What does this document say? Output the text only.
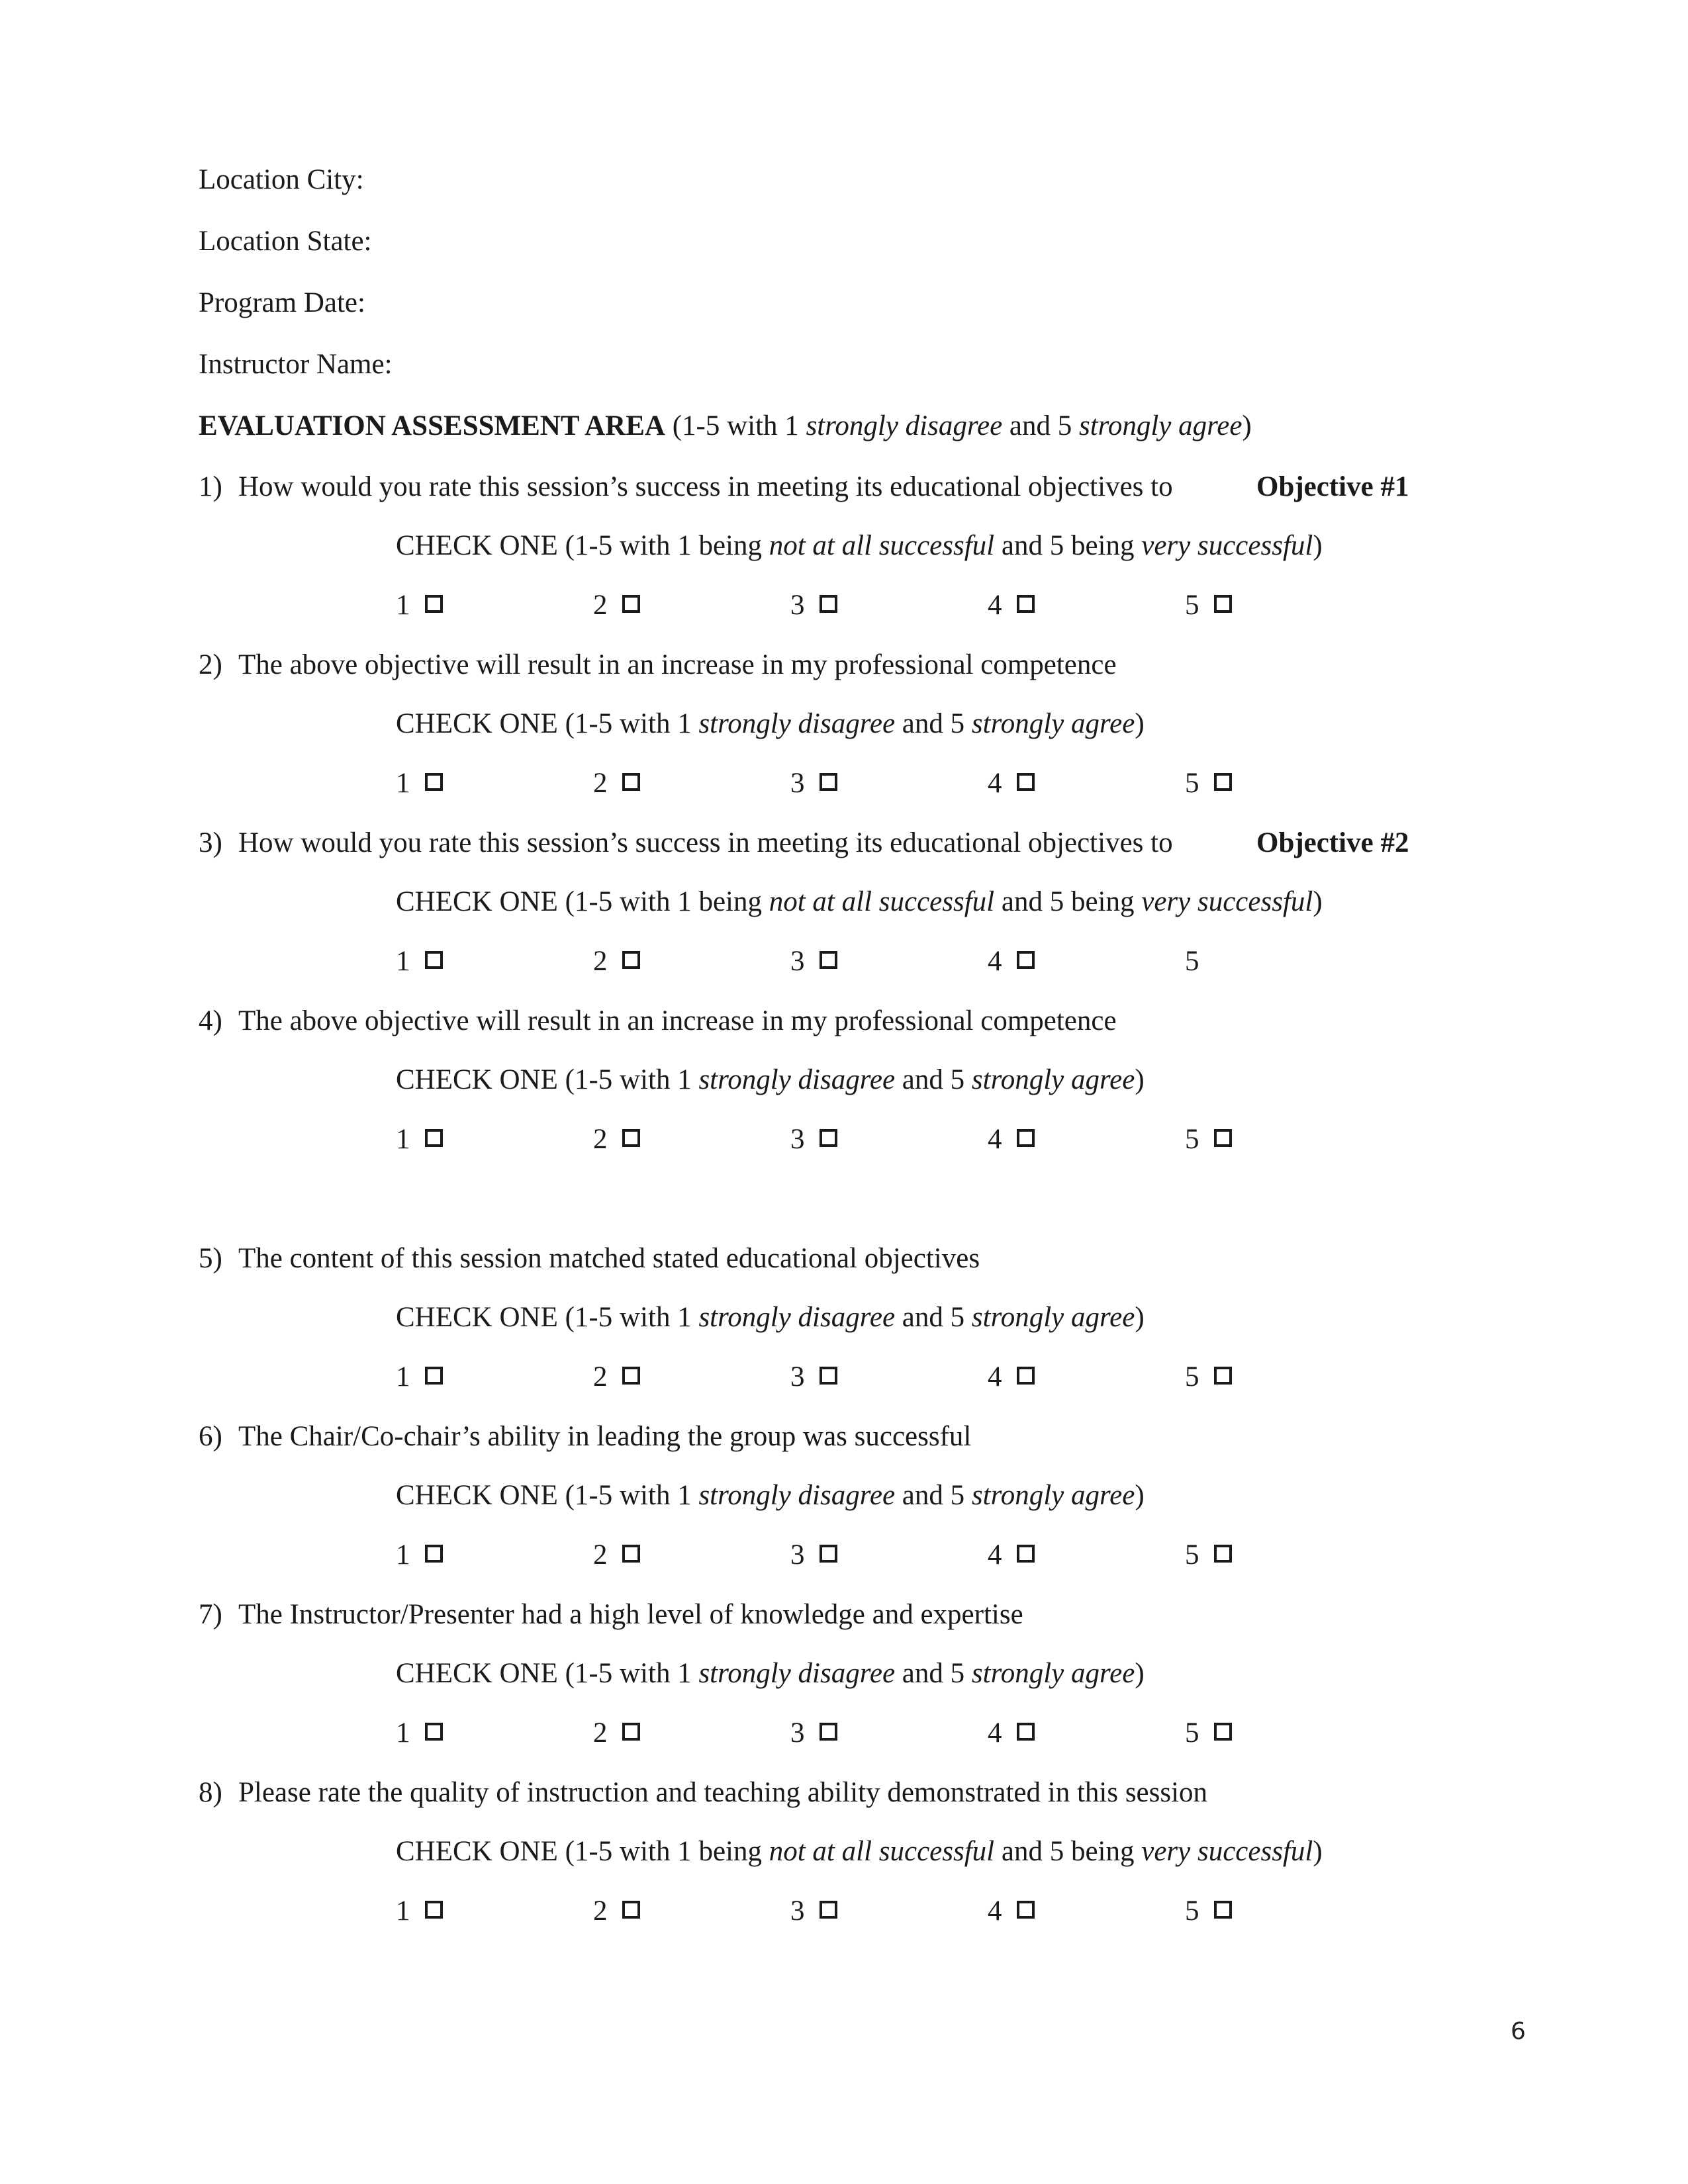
Location City:
Location State:
Program Date:
Instructor Name:
EVALUATION ASSESSMENT AREA (1-5 with 1 strongly disagree and 5 strongly agree)
1) How would you rate this session’s success in meeting its educational objectives to	Objective #1
CHECK ONE (1-5 with 1 being not at all successful and 5 being very successful)
1	2	3	4	5
2) The above objective will result in an increase in my professional competence
CHECK ONE (1-5 with 1 strongly disagree and 5 strongly agree)
1	2	3	4	5
3) How would you rate this session’s success in meeting its educational objectives to	Objective #2
CHECK ONE (1-5 with 1 being not at all successful and 5 being very successful)
1	2	3	4	5
4) The above objective will result in an increase in my professional competence
CHECK ONE (1-5 with 1 strongly disagree and 5 strongly agree)
1	2	3	4	5
5) The content of this session matched stated educational objectives
CHECK ONE (1-5 with 1 strongly disagree and 5 strongly agree)
1	2	3	4	5
6) The Chair/Co-chair’s ability in leading the group was successful
CHECK ONE (1-5 with 1 strongly disagree and 5 strongly agree)
1	2	3	4	5
7) The Instructor/Presenter had a high level of knowledge and expertise
CHECK ONE (1-5 with 1 strongly disagree and 5 strongly agree)
1	2	3	4	5
8) Please rate the quality of instruction and teaching ability demonstrated in this session
CHECK ONE (1-5 with 1 being not at all successful and 5 being very successful)
1	2	3	4	5
6
